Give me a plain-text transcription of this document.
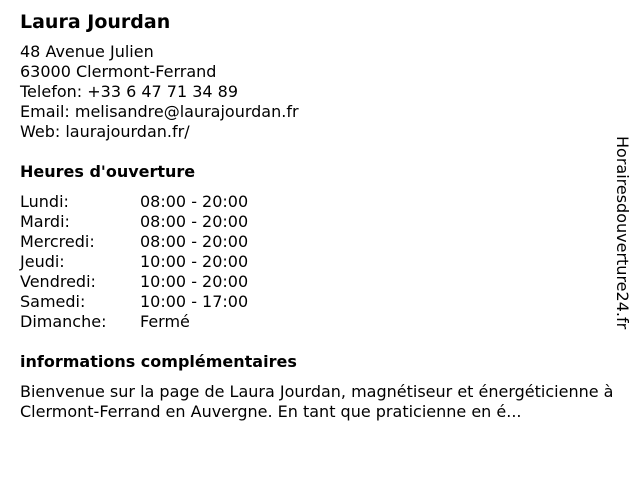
Laura Jourdan
48 Avenue Julien
63000 Clermont-Ferrand
Telefon: +33 6 47 71 34 89
Email: melisandre@laurajourdan.fr
Web: laurajourdan.fr/
Heures d'ouverture
Lundi:	08:00 - 20:00
Mardi:	08:00 - 20:00
Mercredi:	08:00 - 20:00
Jeudi:	10:00 - 20:00
Vendredi:	10:00 - 20:00
Samedi:	10:00 - 17:00
Dimanche:	Fermé
informations complémentaires
Bienvenue sur la page de Laura Jourdan, magnétiseur et énergéticienne à Clermont-Ferrand en Auvergne. En tant que praticienne en é...
Horairesdouverture24.fr
